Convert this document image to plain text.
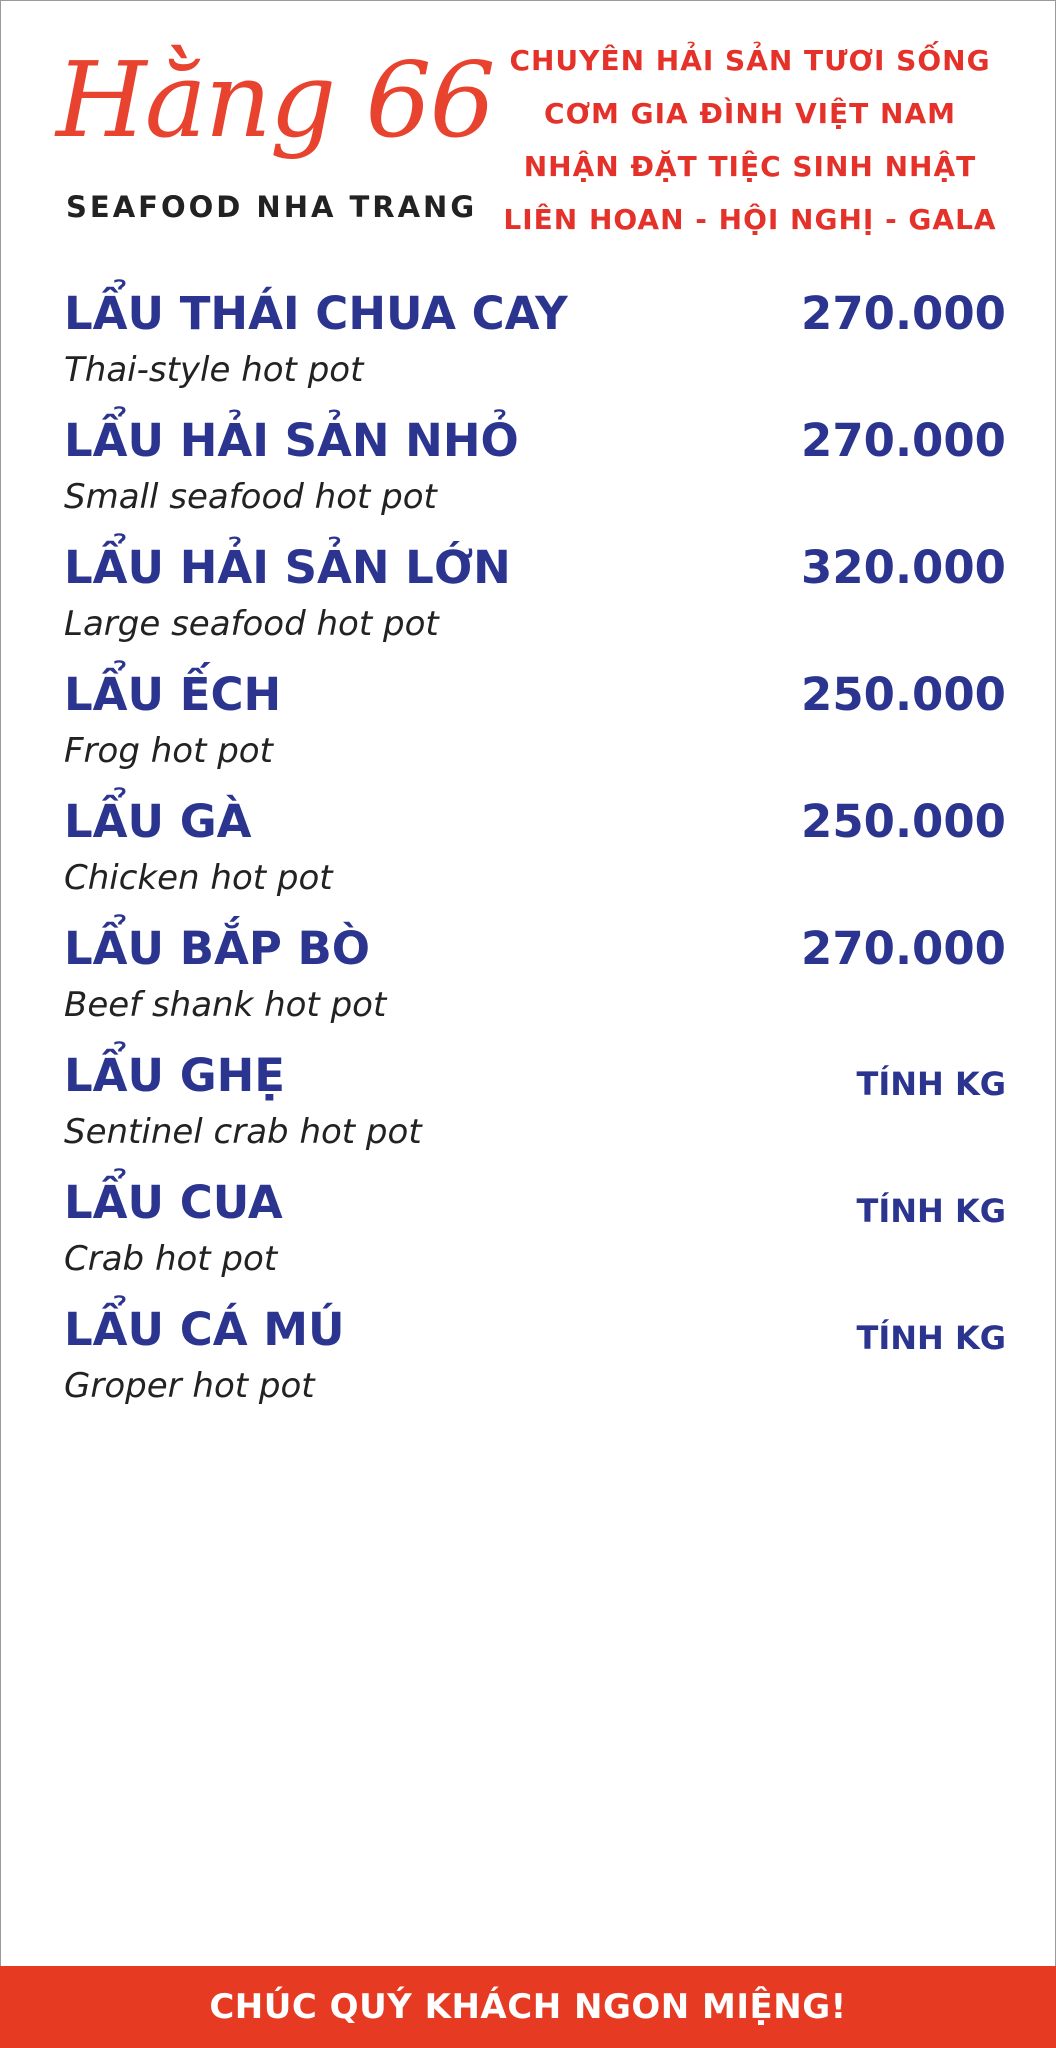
Hằng 66
SEAFOOD NHA TRANG
CHUYÊN HẢI SẢN TƯƠI SỐNG
CƠM GIA ĐÌNH VIỆT NAM
NHẬN ĐẶT TIỆC SINH NHẬT
LIÊN HOAN - HỘI NGHỊ - GALA
LẨU THÁI CHUA CAY	270.000
Thai-style hot pot
LẨU HẢI SẢN NHỎ	270.000
Small seafood hot pot
LẨU HẢI SẢN LỚN	320.000
Large seafood hot pot
LẨU ẾCH	250.000
Frog hot pot
LẨU GÀ	250.000
Chicken hot pot
LẨU BẮP BÒ	270.000
Beef shank hot pot
LẨU GHẸ	TÍNH KG
Sentinel crab hot pot
LẨU CUA	TÍNH KG
Crab hot pot
LẨU CÁ MÚ	TÍNH KG
Groper hot pot
CHÚC QUÝ KHÁCH NGON MIỆNG!
